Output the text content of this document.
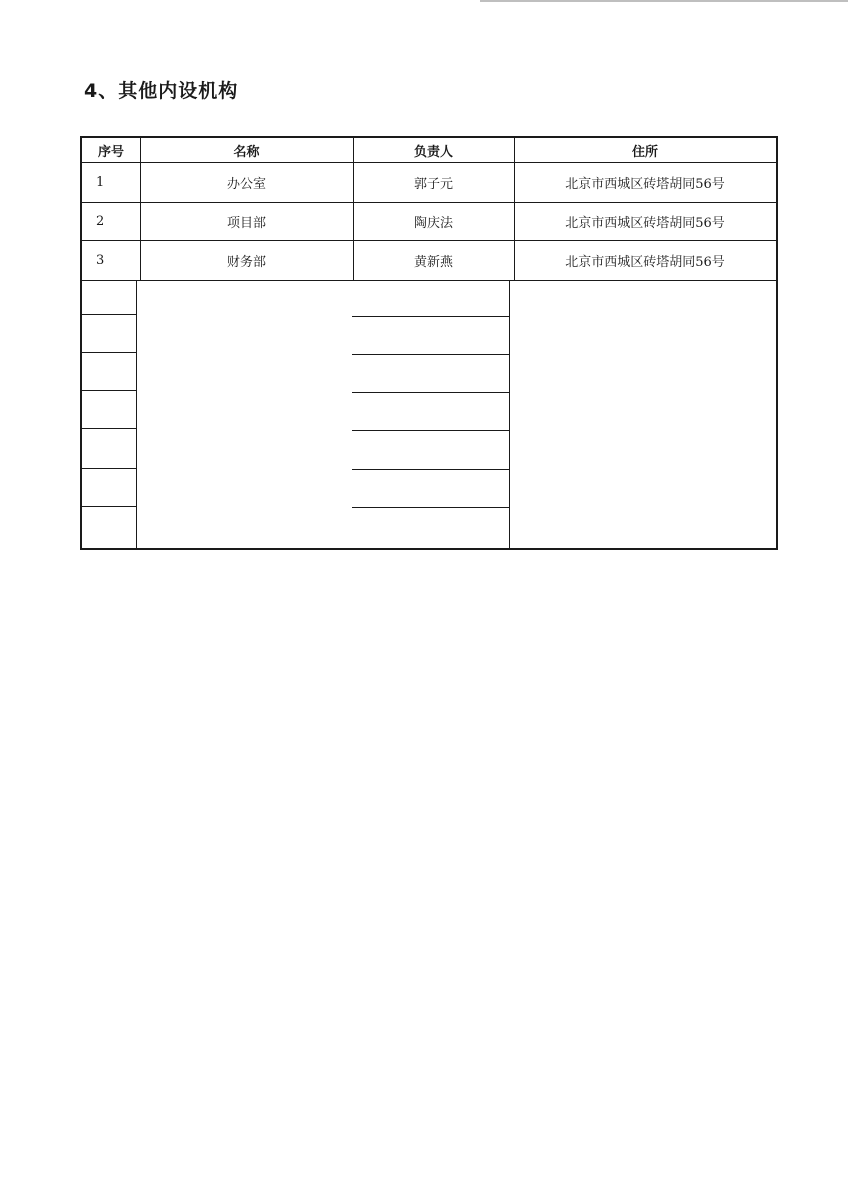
4、其他内设机构
序号	名称	负责人	住所
1	办公室	郭子元	北京市西城区砖塔胡同56号
2	项目部	陶庆法	北京市西城区砖塔胡同56号
3	财务部	黄新燕	北京市西城区砖塔胡同56号
